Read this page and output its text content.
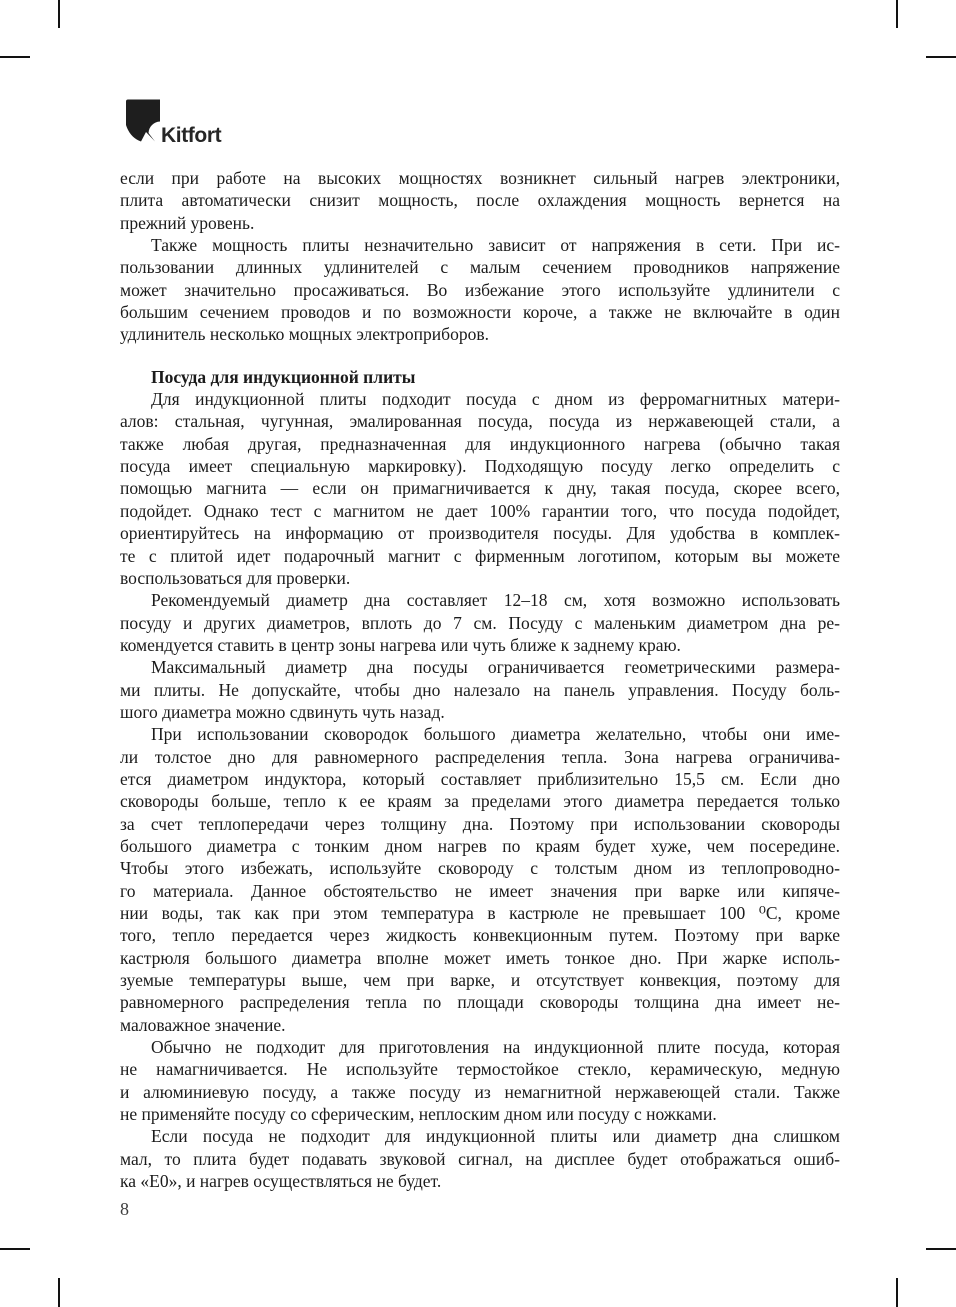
Kitfort
если при работе на высоких мощностях возникнет сильный нагрев электроники,
плита автоматически снизит мощность, после охлаждения мощность вернется на
прежний уровень.
Также мощность плиты незначительно зависит от напряжения в сети. При ис-
пользовании длинных удлинителей с малым сечением проводников напряжение
может значительно просаживаться. Во избежание этого используйте удлинители с
большим сечением проводов и по возможности короче, а также не включайте в один
удлинитель несколько мощных электроприборов.
Посуда для индукционной плиты
Для индукционной плиты подходит посуда с дном из ферромагнитных матери-
алов: стальная, чугунная, эмалированная посуда, посуда из нержавеющей стали, а
также любая другая, предназначенная для индукционного нагрева (обычно такая
посуда имеет специальную маркировку). Подходящую посуду легко определить с
помощью магнита — если он примагничивается к дну, такая посуда, скорее всего,
подойдет. Однако тест с магнитом не дает 100% гарантии того, что посуда подойдет,
ориентируйтесь на информацию от производителя посуды. Для удобства в комплек-
те с плитой идет подарочный магнит с фирменным логотипом, которым вы можете
воспользоваться для проверки.
Рекомендуемый диаметр дна составляет 12–18 см, хотя возможно использовать
посуду и других диаметров, вплоть до 7 см. Посуду с маленьким диаметром дна ре-
комендуется ставить в центр зоны нагрева или чуть ближе к заднему краю.
Максимальный диаметр дна посуды ограничивается геометрическими размера-
ми плиты. Не допускайте, чтобы дно налезало на панель управления. Посуду боль-
шого диаметра можно сдвинуть чуть назад.
При использовании сковородок большого диаметра желательно, чтобы они име-
ли толстое дно для равномерного распределения тепла. Зона нагрева ограничива-
ется диаметром индуктора, который составляет приблизительно 15,5 см. Если дно
сковороды больше, тепло к ее краям за пределами этого диаметра передается только
за счет теплопередачи через толщину дна. Поэтому при использовании сковороды
большого диаметра с тонким дном нагрев по краям будет хуже, чем посередине.
Чтобы этого избежать, используйте сковороду с толстым дном из теплопроводно-
го материала. Данное обстоятельство не имеет значения при варке или кипяче-
нии воды, так как при этом температура в кастрюле не превышает 100 ⁰С, кроме
того, тепло передается через жидкость конвекционным путем. Поэтому при варке
кастрюля большого диаметра вполне может иметь тонкое дно. При жарке исполь-
зуемые температуры выше, чем при варке, и отсутствует конвекция, поэтому для
равномерного распределения тепла по площади сковороды толщина дна имеет не-
маловажное значение.
Обычно не подходит для приготовления на индукционной плите посуда, которая
не намагничивается. Не используйте термостойкое стекло, керамическую, медную
и алюминиевую посуду, а также посуду из немагнитной нержавеющей стали. Также
не применяйте посуду со сферическим, неплоским дном или посуду с ножками.
Если посуда не подходит для индукционной плиты или диаметр дна слишком
мал, то плита будет подавать звуковой сигнал, на дисплее будет отображаться ошиб-
ка «Е0», и нагрев осуществляться не будет.
8
